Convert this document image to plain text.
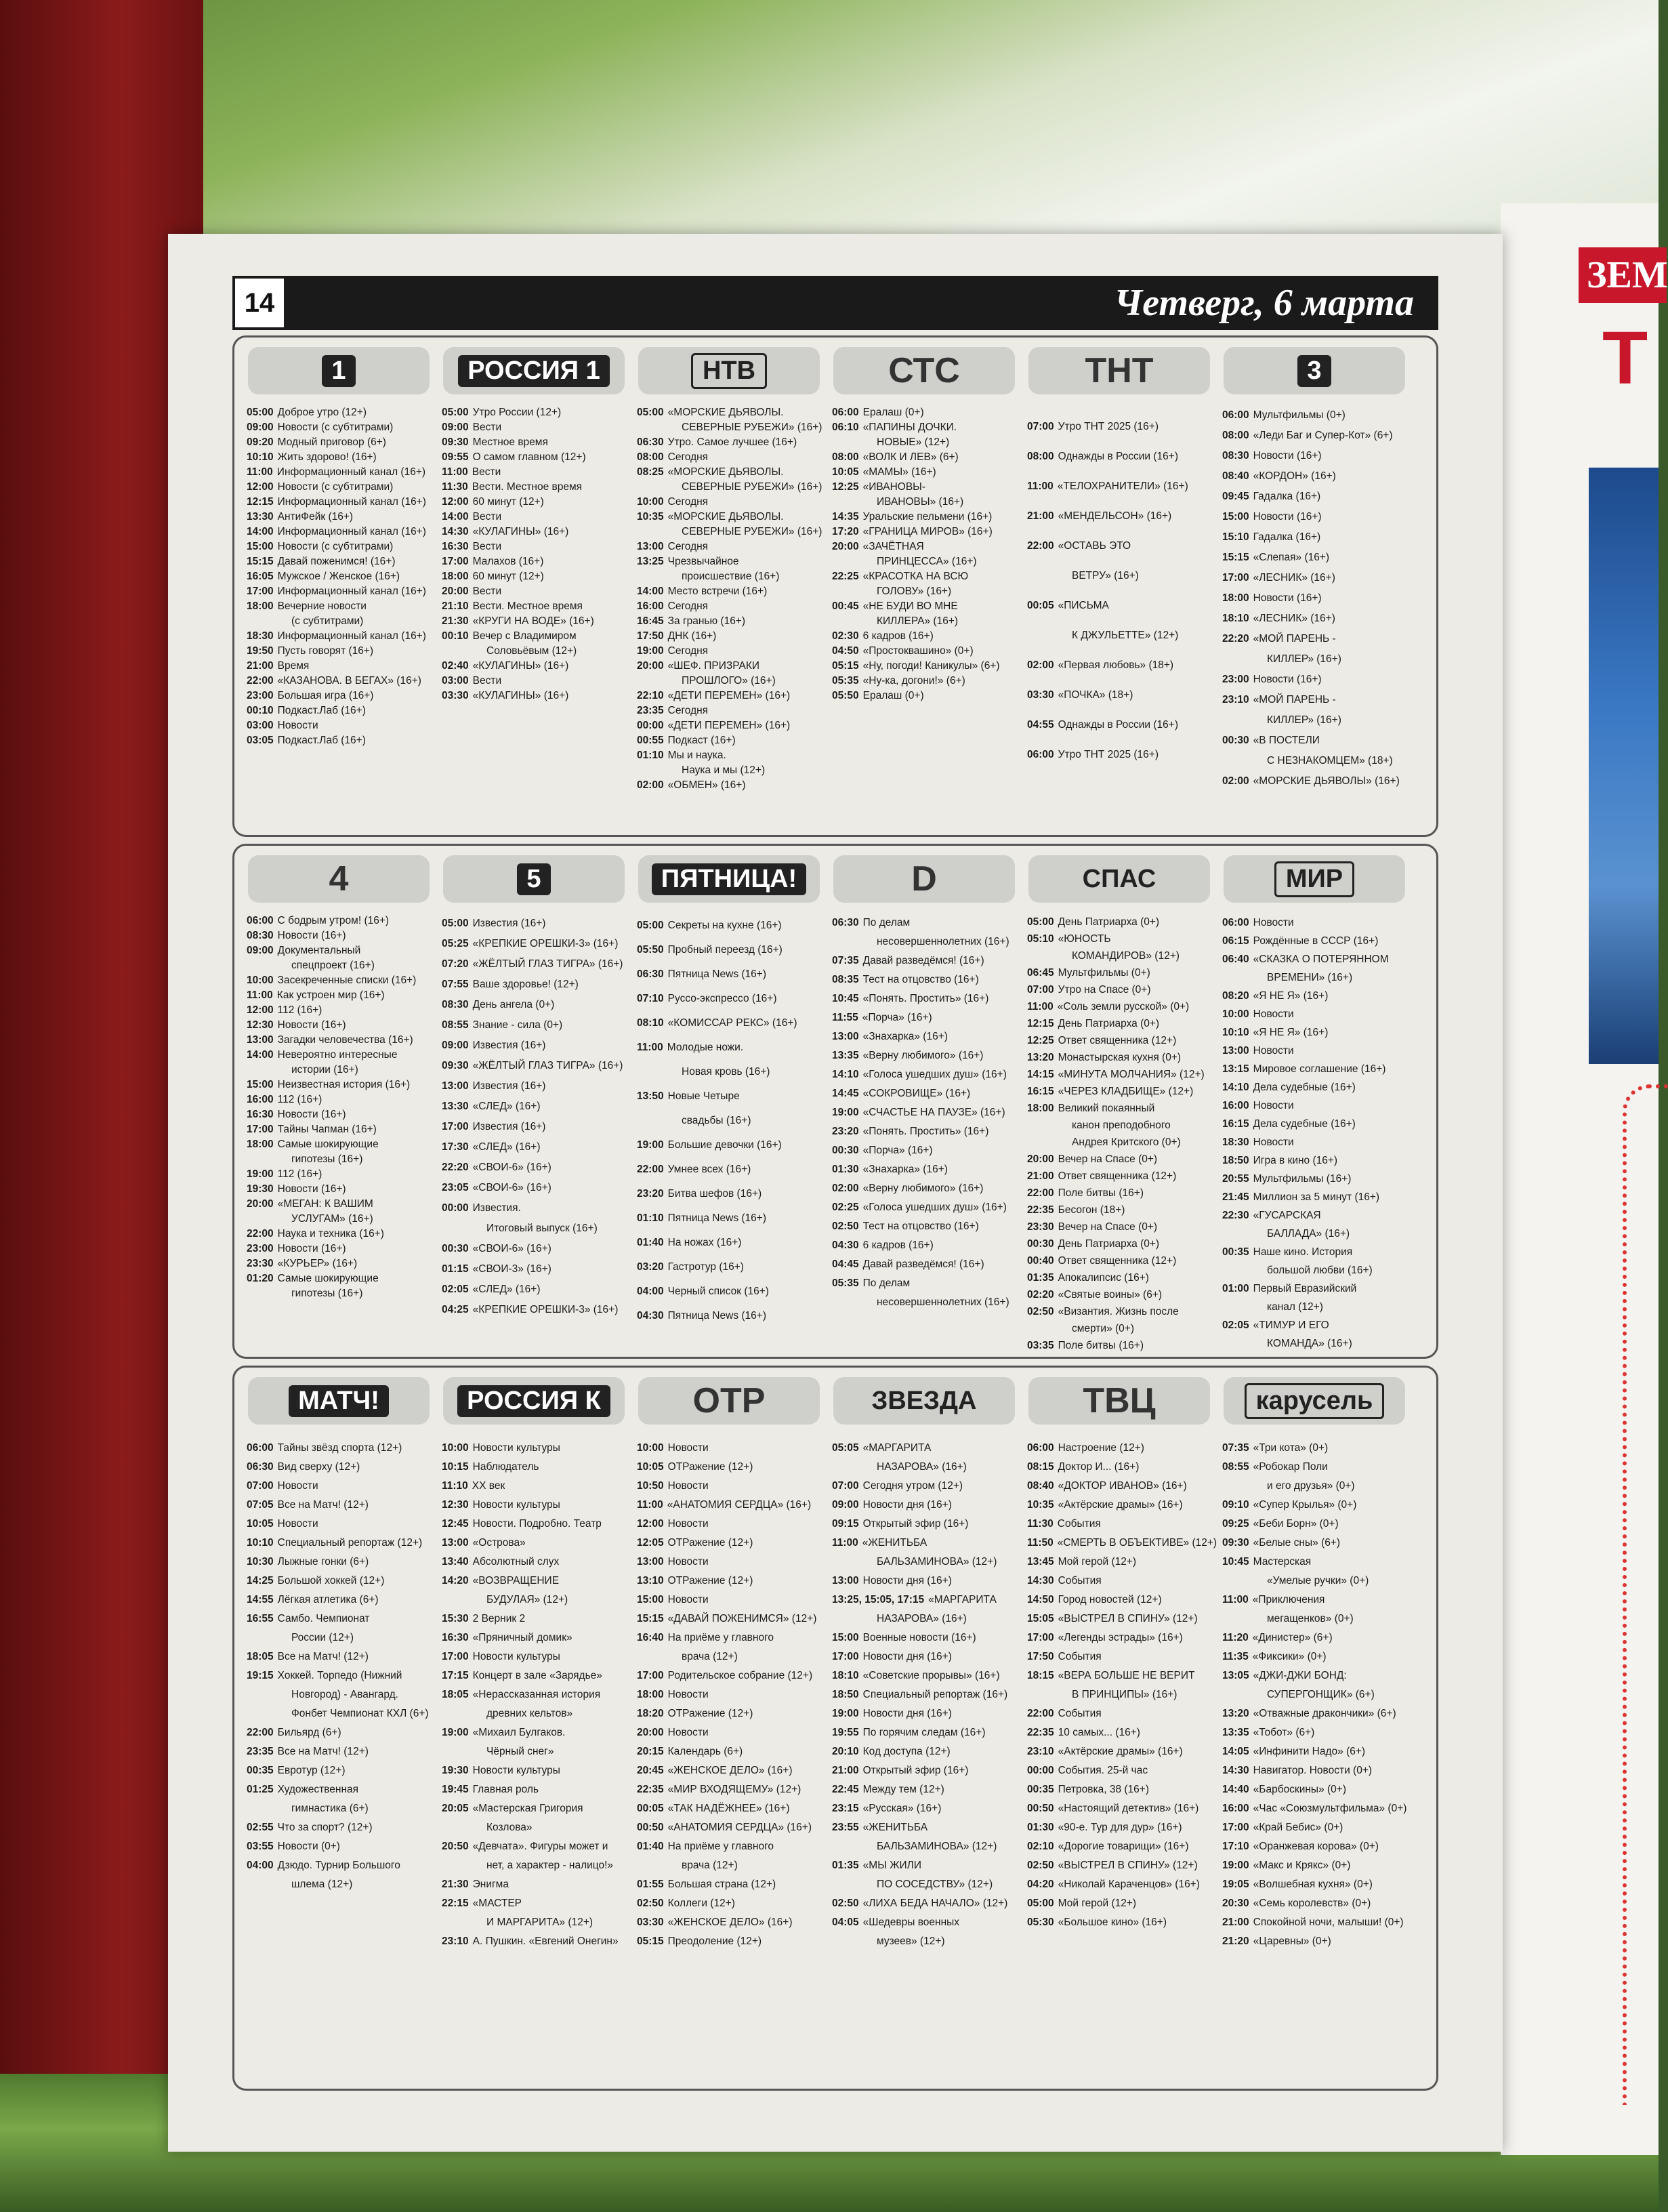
ЗЕМ
Т
14	Четверг, 6 марта
1	РОССИЯ 1	НТВ	СТС	ТНТ	3
05:00 Доброе утро (12+)
09:00 Новости (с субтитрами)
09:20 Модный приговор (6+)
10:10 Жить здорово! (16+)
11:00 Информационный канал (16+)
12:00 Новости (с субтитрами)
12:15 Информационный канал (16+)
13:30 АнтиФейк (16+)
14:00 Информационный канал (16+)
15:00 Новости (с субтитрами)
15:15 Давай поженимся! (16+)
16:05 Мужское / Женское (16+)
17:00 Информационный канал (16+)
18:00 Вечерние новости
(с субтитрами)
18:30 Информационный канал (16+)
19:50 Пусть говорят (16+)
21:00 Время
22:00 «КАЗАНОВА. В БЕГАХ» (16+)
23:00 Большая игра (16+)
00:10 Подкаст.Лаб (16+)
03:00 Новости
03:05 Подкаст.Лаб (16+)
05:00 Утро России (12+)
09:00 Вести
09:30 Местное время
09:55 О самом главном (12+)
11:00 Вести
11:30 Вести. Местное время
12:00 60 минут (12+)
14:00 Вести
14:30 «КУЛАГИНЫ» (16+)
16:30 Вести
17:00 Малахов (16+)
18:00 60 минут (12+)
20:00 Вести
21:10 Вести. Местное время
21:30 «КРУГИ НА ВОДЕ» (16+)
00:10 Вечер с Владимиром
Соловьёвым (12+)
02:40 «КУЛАГИНЫ» (16+)
03:00 Вести
03:30 «КУЛАГИНЫ» (16+)
05:00 «МОРСКИЕ ДЬЯВОЛЫ.
СЕВЕРНЫЕ РУБЕЖИ» (16+)
06:30 Утро. Самое лучшее (16+)
08:00 Сегодня
08:25 «МОРСКИЕ ДЬЯВОЛЫ.
СЕВЕРНЫЕ РУБЕЖИ» (16+)
10:00 Сегодня
10:35 «МОРСКИЕ ДЬЯВОЛЫ.
СЕВЕРНЫЕ РУБЕЖИ» (16+)
13:00 Сегодня
13:25 Чрезвычайное
происшествие (16+)
14:00 Место встречи (16+)
16:00 Сегодня
16:45 За гранью (16+)
17:50 ДНК (16+)
19:00 Сегодня
20:00 «ШЕФ. ПРИЗРАКИ
ПРОШЛОГО» (16+)
22:10 «ДЕТИ ПЕРЕМЕН» (16+)
23:35 Сегодня
00:00 «ДЕТИ ПЕРЕМЕН» (16+)
00:55 Подкаст (16+)
01:10 Мы и наука.
Наука и мы (12+)
02:00 «ОБМЕН» (16+)
06:00 Ералаш (0+)
06:10 «ПАПИНЫ ДОЧКИ.
НОВЫЕ» (12+)
08:00 «ВОЛК И ЛЕВ» (6+)
10:05 «МАМЫ» (16+)
12:25 «ИВАНОВЫ-
ИВАНОВЫ» (16+)
14:35 Уральские пельмени (16+)
17:20 «ГРАНИЦА МИРОВ» (16+)
20:00 «ЗАЧЁТНАЯ
ПРИНЦЕССА» (16+)
22:25 «КРАСОТКА НА ВСЮ
ГОЛОВУ» (16+)
00:45 «НЕ БУДИ ВО МНЕ
КИЛЛЕРА» (16+)
02:30 6 кадров (16+)
04:50 «Простоквашино» (0+)
05:15 «Ну, погоди! Каникулы» (6+)
05:35 «Ну-ка, догони!» (6+)
05:50 Ералаш (0+)
07:00 Утро ТНТ 2025 (16+)
08:00 Однажды в России (16+)
11:00 «ТЕЛОХРАНИТЕЛИ» (16+)
21:00 «МЕНДЕЛЬСОН» (16+)
22:00 «ОСТАВЬ ЭТО
ВЕТРУ» (16+)
00:05 «ПИСЬМА
К ДЖУЛЬЕТТЕ» (12+)
02:00 «Первая любовь» (18+)
03:30 «ПОЧКА» (18+)
04:55 Однажды в России (16+)
06:00 Утро ТНТ 2025 (16+)
06:00 Мультфильмы (0+)
08:00 «Леди Баг и Супер-Кот» (6+)
08:30 Новости (16+)
08:40 «КОРДОН» (16+)
09:45 Гадалка (16+)
15:00 Новости (16+)
15:10 Гадалка (16+)
15:15 «Слепая» (16+)
17:00 «ЛЕСНИК» (16+)
18:00 Новости (16+)
18:10 «ЛЕСНИК» (16+)
22:20 «МОЙ ПАРЕНЬ -
КИЛЛЕР» (16+)
23:00 Новости (16+)
23:10 «МОЙ ПАРЕНЬ -
КИЛЛЕР» (16+)
00:30 «В ПОСТЕЛИ
С НЕЗНАКОМЦЕМ» (18+)
02:00 «МОРСКИЕ ДЬЯВОЛЫ» (16+)
4	5	ПЯТНИЦА!	D	СПАС	МИР
06:00 С бодрым утром! (16+)
08:30 Новости (16+)
09:00 Документальный
спецпроект (16+)
10:00 Засекреченные списки (16+)
11:00 Как устроен мир (16+)
12:00 112 (16+)
12:30 Новости (16+)
13:00 Загадки человечества (16+)
14:00 Невероятно интересные
истории (16+)
15:00 Неизвестная история (16+)
16:00 112 (16+)
16:30 Новости (16+)
17:00 Тайны Чапман (16+)
18:00 Самые шокирующие
гипотезы (16+)
19:00 112 (16+)
19:30 Новости (16+)
20:00 «МЕГАН: К ВАШИМ
УСЛУГАМ» (16+)
22:00 Наука и техника (16+)
23:00 Новости (16+)
23:30 «КУРЬЕР» (16+)
01:20 Самые шокирующие
гипотезы (16+)
05:00 Известия (16+)
05:25 «КРЕПКИЕ ОРЕШКИ-3» (16+)
07:20 «ЖЁЛТЫЙ ГЛАЗ ТИГРА» (16+)
07:55 Ваше здоровье! (12+)
08:30 День ангела (0+)
08:55 Знание - сила (0+)
09:00 Известия (16+)
09:30 «ЖЁЛТЫЙ ГЛАЗ ТИГРА» (16+)
13:00 Известия (16+)
13:30 «СЛЕД» (16+)
17:00 Известия (16+)
17:30 «СЛЕД» (16+)
22:20 «СВОИ-6» (16+)
23:05 «СВОИ-6» (16+)
00:00 Известия.
Итоговый выпуск (16+)
00:30 «СВОИ-6» (16+)
01:15 «СВОИ-3» (16+)
02:05 «СЛЕД» (16+)
04:25 «КРЕПКИЕ ОРЕШКИ-3» (16+)
05:00 Секреты на кухне (16+)
05:50 Пробный переезд (16+)
06:30 Пятница News (16+)
07:10 Руссо-экспрессо (16+)
08:10 «КОМИССАР РЕКС» (16+)
11:00 Молодые ножи.
Новая кровь (16+)
13:50 Новые Четыре
свадьбы (16+)
19:00 Большие девочки (16+)
22:00 Умнее всех (16+)
23:20 Битва шефов (16+)
01:10 Пятница News (16+)
01:40 На ножах (16+)
03:20 Гастротур (16+)
04:00 Черный список (16+)
04:30 Пятница News (16+)
06:30 По делам
несовершеннолетних (16+)
07:35 Давай разведёмся! (16+)
08:35 Тест на отцовство (16+)
10:45 «Понять. Простить» (16+)
11:55 «Порча» (16+)
13:00 «Знахарка» (16+)
13:35 «Верну любимого» (16+)
14:10 «Голоса ушедших душ» (16+)
14:45 «СОКРОВИЩЕ» (16+)
19:00 «СЧАСТЬЕ НА ПАУЗЕ» (16+)
23:20 «Понять. Простить» (16+)
00:30 «Порча» (16+)
01:30 «Знахарка» (16+)
02:00 «Верну любимого» (16+)
02:25 «Голоса ушедших душ» (16+)
02:50 Тест на отцовство (16+)
04:30 6 кадров (16+)
04:45 Давай разведёмся! (16+)
05:35 По делам
несовершеннолетних (16+)
05:00 День Патриарха (0+)
05:10 «ЮНОСТЬ
КОМАНДИРОВ» (12+)
06:45 Мультфильмы (0+)
07:00 Утро на Спасе (0+)
11:00 «Соль земли русской» (0+)
12:15 День Патриарха (0+)
12:25 Ответ священника (12+)
13:20 Монастырская кухня (0+)
14:15 «МИНУТА МОЛЧАНИЯ» (12+)
16:15 «ЧЕРЕЗ КЛАДБИЩЕ» (12+)
18:00 Великий покаянный
канон преподобного
Андрея Критского (0+)
20:00 Вечер на Спасе (0+)
21:00 Ответ священника (12+)
22:00 Поле битвы (16+)
22:35 Бесогон (18+)
23:30 Вечер на Спасе (0+)
00:30 День Патриарха (0+)
00:40 Ответ священника (12+)
01:35 Апокалипсис (16+)
02:20 «Святые воины» (6+)
02:50 «Византия. Жизнь после
смерти» (0+)
03:35 Поле битвы (16+)
06:00 Новости
06:15 Рождённые в СССР (16+)
06:40 «СКАЗКА О ПОТЕРЯННОМ
ВРЕМЕНИ» (16+)
08:20 «Я НЕ Я» (16+)
10:00 Новости
10:10 «Я НЕ Я» (16+)
13:00 Новости
13:15 Мировое соглашение (16+)
14:10 Дела судебные (16+)
16:00 Новости
16:15 Дела судебные (16+)
18:30 Новости
18:50 Игра в кино (16+)
20:55 Мультфильмы (16+)
21:45 Миллион за 5 минут (16+)
22:30 «ГУСАРСКАЯ
БАЛЛАДА» (16+)
00:35 Наше кино. История
большой любви (16+)
01:00 Первый Евразийский
канал (12+)
02:05 «ТИМУР И ЕГО
КОМАНДА» (16+)
МАТЧ!	РОССИЯ К	ОТР	ЗВЕЗДА	ТВЦ	карусель
06:00 Тайны звёзд спорта (12+)
06:30 Вид сверху (12+)
07:00 Новости
07:05 Все на Матч! (12+)
10:05 Новости
10:10 Специальный репортаж (12+)
10:30 Лыжные гонки (6+)
14:25 Большой хоккей (12+)
14:55 Лёгкая атлетика (6+)
16:55 Самбо. Чемпионат
России (12+)
18:05 Все на Матч! (12+)
19:15 Хоккей. Торпедо (Нижний
Новгород) - Авангард.
Фонбет Чемпионат КХЛ (6+)
22:00 Бильярд (6+)
23:35 Все на Матч! (12+)
00:35 Евротур (12+)
01:25 Художественная
гимнастика (6+)
02:55 Что за спорт? (12+)
03:55 Новости (0+)
04:00 Дзюдо. Турнир Большого
шлема (12+)
10:00 Новости культуры
10:15 Наблюдатель
11:10 XX век
12:30 Новости культуры
12:45 Новости. Подробно. Театр
13:00 «Острова»
13:40 Абсолютный слух
14:20 «ВОЗВРАЩЕНИЕ
БУДУЛАЯ» (12+)
15:30 2 Верник 2
16:30 «Пряничный домик»
17:00 Новости культуры
17:15 Концерт в зале «Зарядье»
18:05 «Нерассказанная история
древних кельтов»
19:00 «Михаил Булгаков.
Чёрный снег»
19:30 Новости культуры
19:45 Главная роль
20:05 «Мастерская Григория
Козлова»
20:50 «Девчата». Фигуры может и
нет, а характер - налицо!»
21:30 Энигма
22:15 «МАСТЕР
И МАРГАРИТА» (12+)
23:10 А. Пушкин. «Евгений Онегин»
10:00 Новости
10:05 ОТРажение (12+)
10:50 Новости
11:00 «АНАТОМИЯ СЕРДЦА» (16+)
12:00 Новости
12:05 ОТРажение (12+)
13:00 Новости
13:10 ОТРажение (12+)
15:00 Новости
15:15 «ДАВАЙ ПОЖЕНИМСЯ» (12+)
16:40 На приёме у главного
врача (12+)
17:00 Родительское собрание (12+)
18:00 Новости
18:20 ОТРажение (12+)
20:00 Новости
20:15 Календарь (6+)
20:45 «ЖЕНСКОЕ ДЕЛО» (16+)
22:35 «МИР ВХОДЯЩЕМУ» (12+)
00:05 «ТАК НАДЁЖНЕЕ» (16+)
00:50 «АНАТОМИЯ СЕРДЦА» (16+)
01:40 На приёме у главного
врача (12+)
01:55 Большая страна (12+)
02:50 Коллеги (12+)
03:30 «ЖЕНСКОЕ ДЕЛО» (16+)
05:15 Преодоление (12+)
05:05 «МАРГАРИТА
НАЗАРОВА» (16+)
07:00 Сегодня утром (12+)
09:00 Новости дня (16+)
09:15 Открытый эфир (16+)
11:00 «ЖЕНИТЬБА
БАЛЬЗАМИНОВА» (12+)
13:00 Новости дня (16+)
13:25, 15:05, 17:15 «МАРГАРИТА
НАЗАРОВА» (16+)
15:00 Военные новости (16+)
17:00 Новости дня (16+)
18:10 «Советские прорывы» (16+)
18:50 Специальный репортаж (16+)
19:00 Новости дня (16+)
19:55 По горячим следам (16+)
20:10 Код доступа (12+)
21:00 Открытый эфир (16+)
22:45 Между тем (12+)
23:15 «Русская» (16+)
23:55 «ЖЕНИТЬБА
БАЛЬЗАМИНОВА» (12+)
01:35 «МЫ ЖИЛИ
ПО СОСЕДСТВУ» (12+)
02:50 «ЛИХА БЕДА НАЧАЛО» (12+)
04:05 «Шедевры военных
музеев» (12+)
06:00 Настроение (12+)
08:15 Доктор И... (16+)
08:40 «ДОКТОР ИВАНОВ» (16+)
10:35 «Актёрские драмы» (16+)
11:30 События
11:50 «СМЕРТЬ В ОБЪЕКТИВЕ» (12+)
13:45 Мой герой (12+)
14:30 События
14:50 Город новостей (12+)
15:05 «ВЫСТРЕЛ В СПИНУ» (12+)
17:00 «Легенды эстрады» (16+)
17:50 События
18:15 «ВЕРА БОЛЬШЕ НЕ ВЕРИТ
В ПРИНЦИПЫ» (16+)
22:00 События
22:35 10 самых... (16+)
23:10 «Актёрские драмы» (16+)
00:00 События. 25-й час
00:35 Петровка, 38 (16+)
00:50 «Настоящий детектив» (16+)
01:30 «90-е. Тур для дур» (16+)
02:10 «Дорогие товарищи» (16+)
02:50 «ВЫСТРЕЛ В СПИНУ» (12+)
04:20 «Николай Караченцов» (16+)
05:00 Мой герой (12+)
05:30 «Большое кино» (16+)
07:35 «Три кота» (0+)
08:55 «Робокар Поли
и его друзья» (0+)
09:10 «Супер Крылья» (0+)
09:25 «Беби Борн» (0+)
09:30 «Белые сны» (6+)
10:45 Мастерская
«Умелые ручки» (0+)
11:00 «Приключения
мегащенков» (0+)
11:20 «Динистер» (6+)
11:35 «Фиксики» (0+)
13:05 «ДЖИ-ДЖИ БОНД:
СУПЕРГОНЩИК» (6+)
13:20 «Отважные дракончики» (6+)
13:35 «Тобот» (6+)
14:05 «Инфинити Надо» (6+)
14:30 Навигатор. Новости (0+)
14:40 «Барбоскины» (0+)
16:00 «Час «Союзмультфильма» (0+)
17:00 «Край Бебис» (0+)
17:10 «Оранжевая корова» (0+)
19:00 «Макс и Крякс» (0+)
19:05 «Волшебная кухня» (0+)
20:30 «Семь королевств» (0+)
21:00 Спокойной ночи, малыши! (0+)
21:20 «Царевны» (0+)
